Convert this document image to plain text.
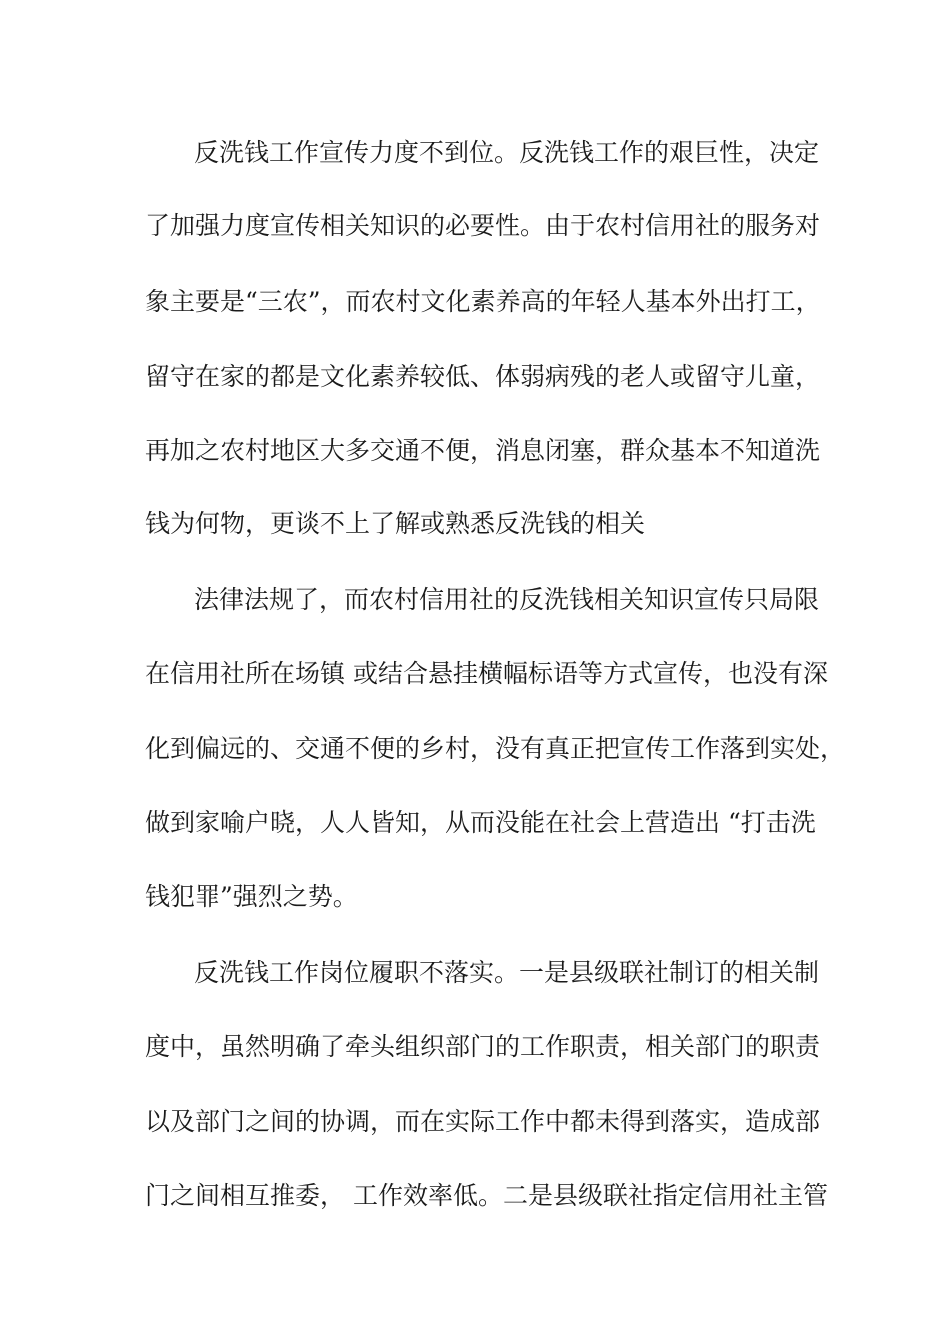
反洗钱工作宣传力度不到位。反洗钱工作的艰巨性，决定
了加强力度宣传相关知识的必要性。由于农村信用社的服务对
象主要是“三农”，而农村文化素养高的年轻人基本外出打工，
留守在家的都是文化素养较低、体弱病残的老人或留守儿童，
再加之农村地区大多交通不便，消息闭塞，群众基本不知道洗
钱为何物，更谈不上了解或熟悉反洗钱的相关
法律法规了，而农村信用社的反洗钱相关知识宣传只局限
在信用社所在场镇 或结合悬挂横幅标语等方式宣传，也没有深
化到偏远的、交通不便的乡村，没有真正把宣传工作落到实处，
做到家喻户晓，人人皆知，从而没能在社会上营造出 “打击洗
钱犯罪”强烈之势。
反洗钱工作岗位履职不落实。一是县级联社制订的相关制
度中，虽然明确了牵头组织部门的工作职责，相关部门的职责
以及部门之间的协调，而在实际工作中都未得到落实，造成部
门之间相互推委， 工作效率低。二是县级联社指定信用社主管
